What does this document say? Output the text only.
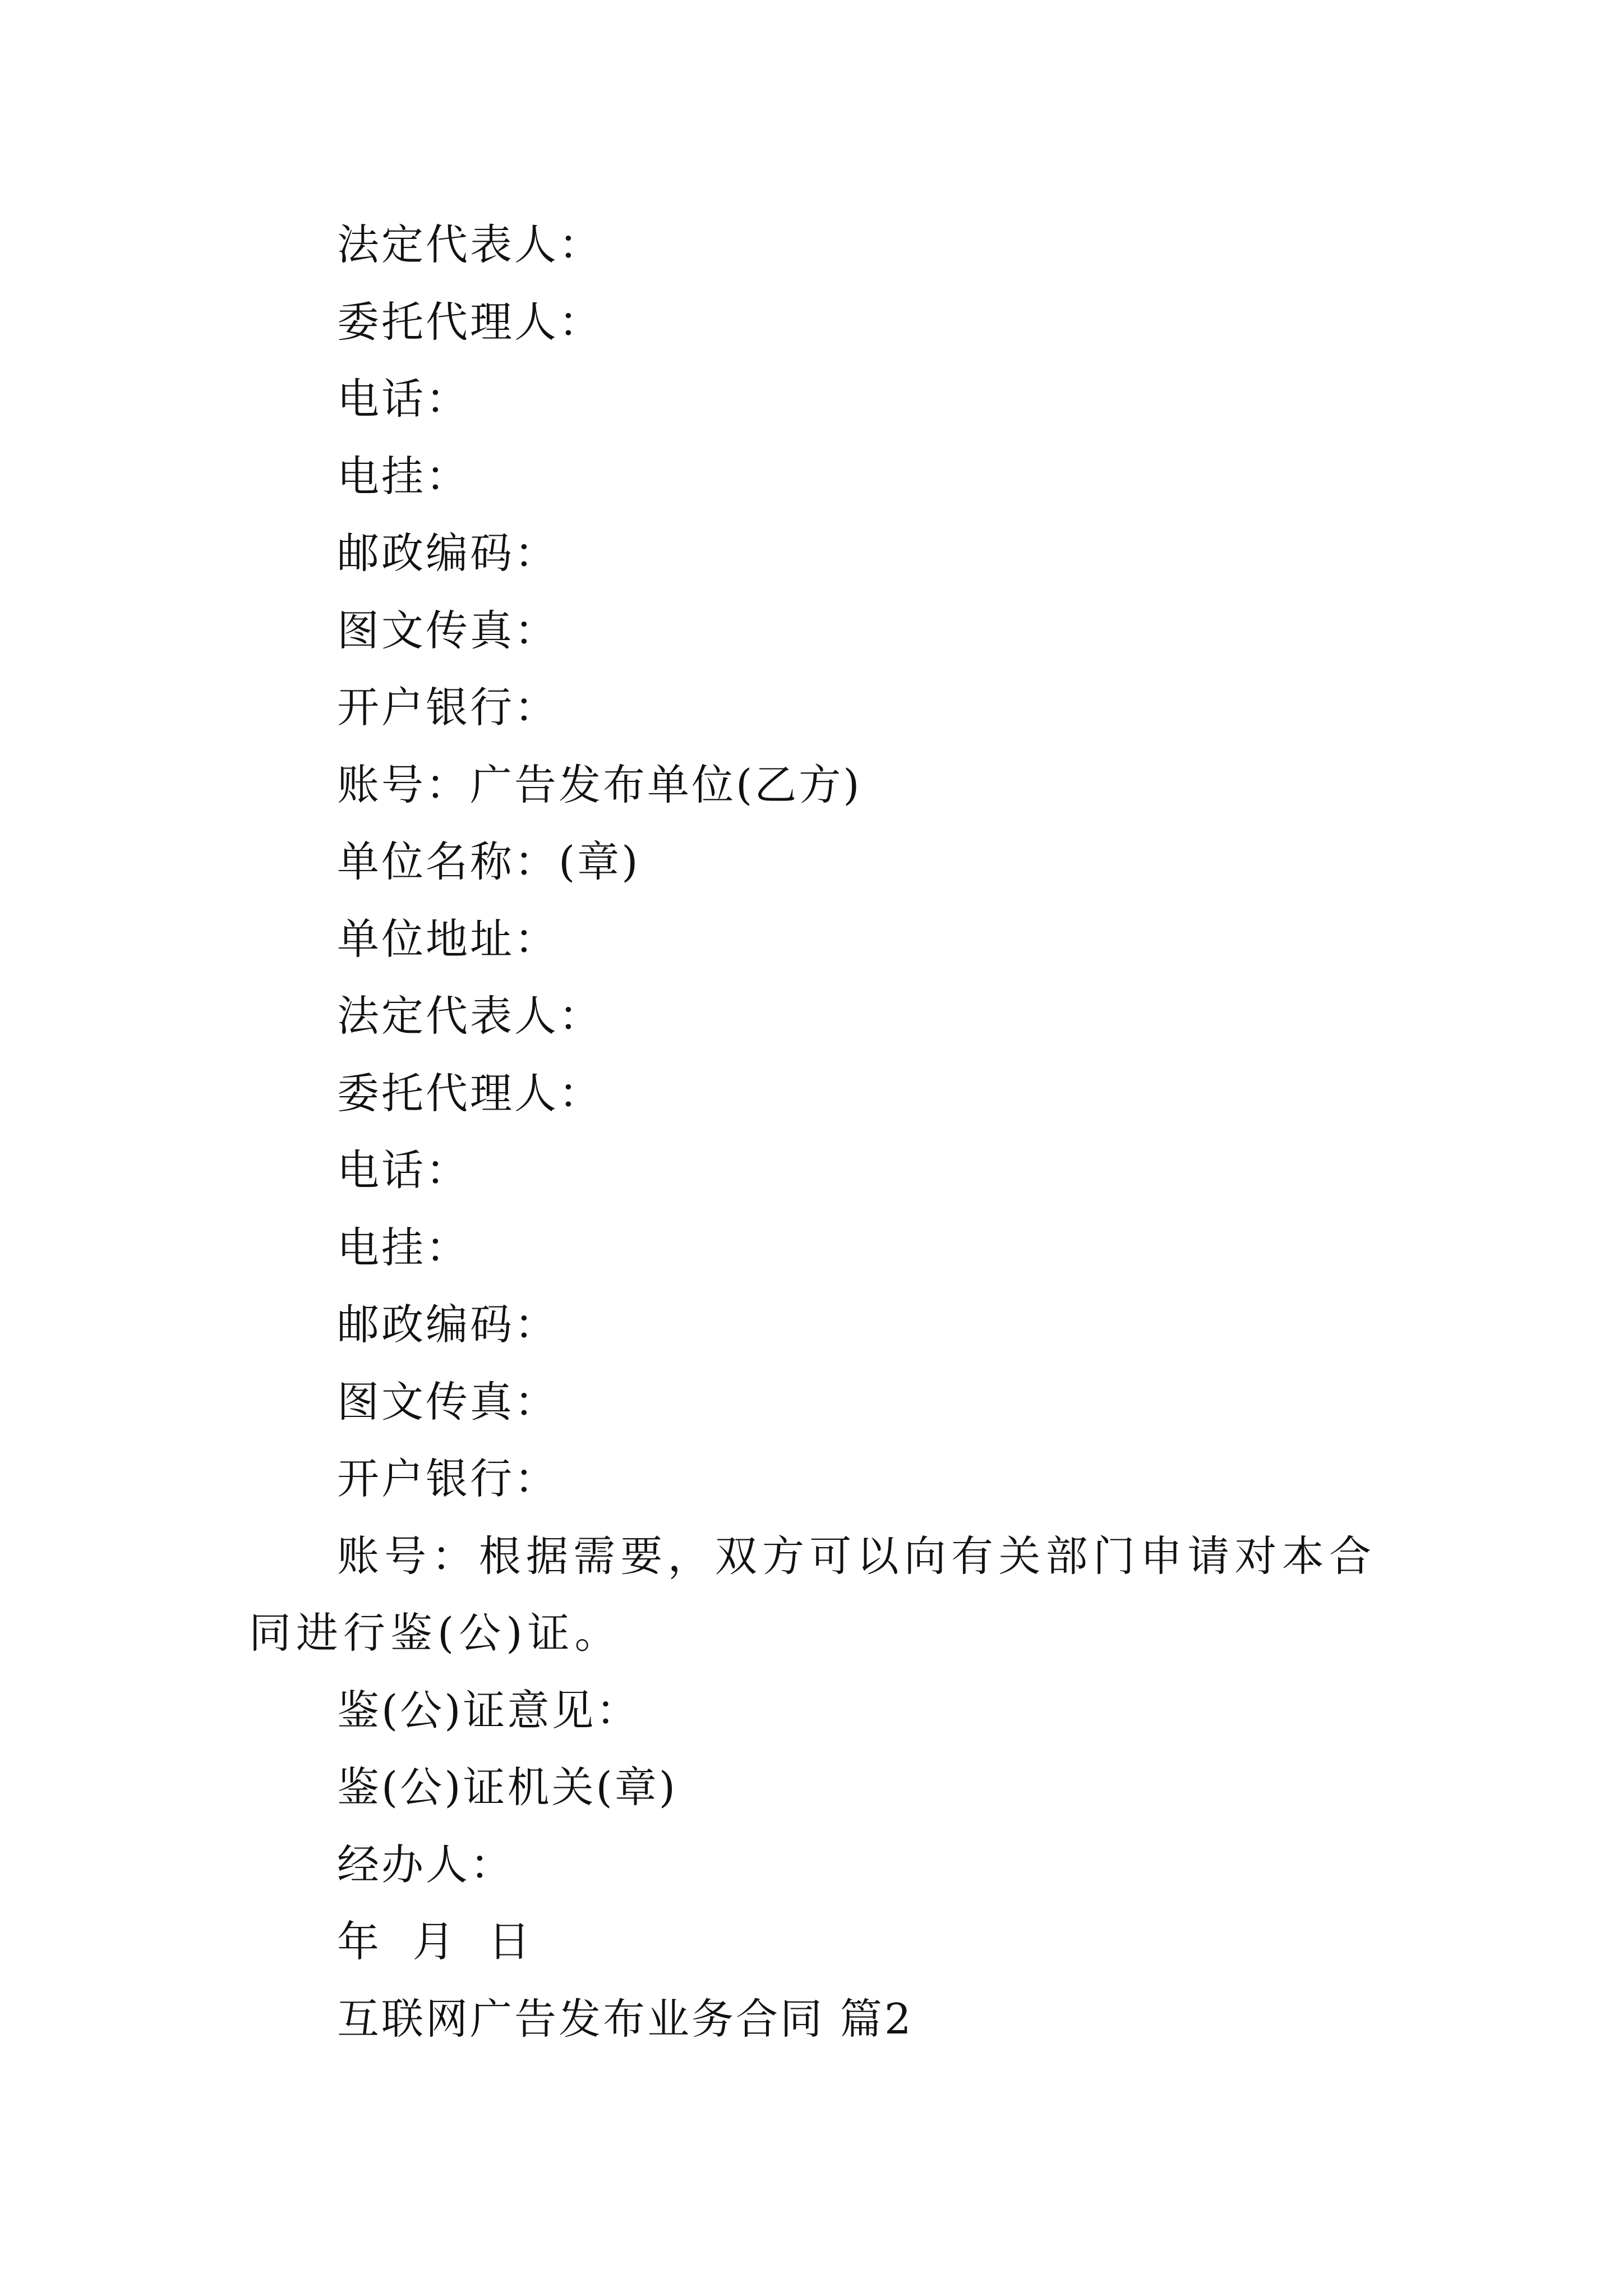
法定代表人：
委托代理人：
电话：
电挂：
邮政编码：
图文传真：
开户银行：
账号：广告发布单位(乙方)
单位名称：(章)
单位地址：
法定代表人：
委托代理人：
电话：
电挂：
邮政编码：
图文传真：
开户银行：
账号：根据需要，双方可以向有关部门申请对本合同进行鉴(公)证。
鉴(公)证意见：
鉴(公)证机关(章)
经办人：
年  月  日
互联网广告发布业务合同 篇2
